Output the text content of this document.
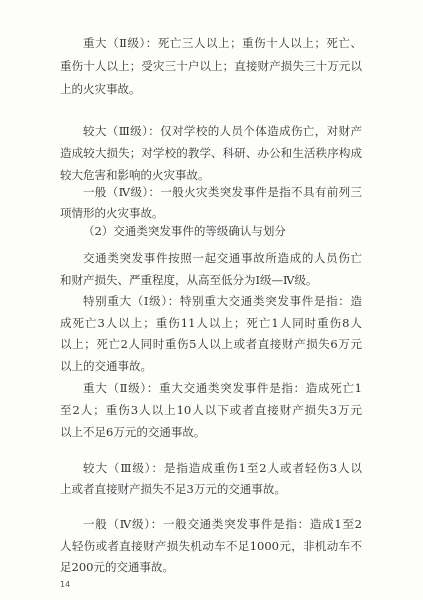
重大（Ⅱ级）：死亡三人以上；重伤十人以上；死亡、
重伤十人以上；受灾三十户以上；直接财产损失三十万元以
上的火灾事故。
较大（Ⅲ级）：仅对学校的人员个体造成伤亡，对财产
造成较大损失；对学校的教学、科研、办公和生活秩序构成
较大危害和影响的火灾事故。
一般（Ⅳ级）：一般火灾类突发事件是指不具有前列三
项情形的火灾事故。
（2）交通类突发事件的等级确认与划分
交通类突发事件按照一起交通事故所造成的人员伤亡
和财产损失、严重程度，从高至低分为Ⅰ级—Ⅳ级。
特别重大（Ⅰ级）：特别重大交通类突发事件是指：造
成死亡3人以上；重伤11人以上；死亡1人同时重伤8人
以上；死亡2人同时重伤5人以上或者直接财产损失6万元
以上的交通事故。
重大（Ⅱ级）：重大交通类突发事件是指：造成死亡1
至2人；重伤3人以上10人以下或者直接财产损失3万元
以上不足6万元的交通事故。
较大（Ⅲ级）：是指造成重伤1至2人或者轻伤3人以
上或者直接财产损失不足3万元的交通事故。
一般（Ⅳ级）：一般交通类突发事件是指：造成1至2
人轻伤或者直接财产损失机动车不足1000元，非机动车不
足200元的交通事故。
14
